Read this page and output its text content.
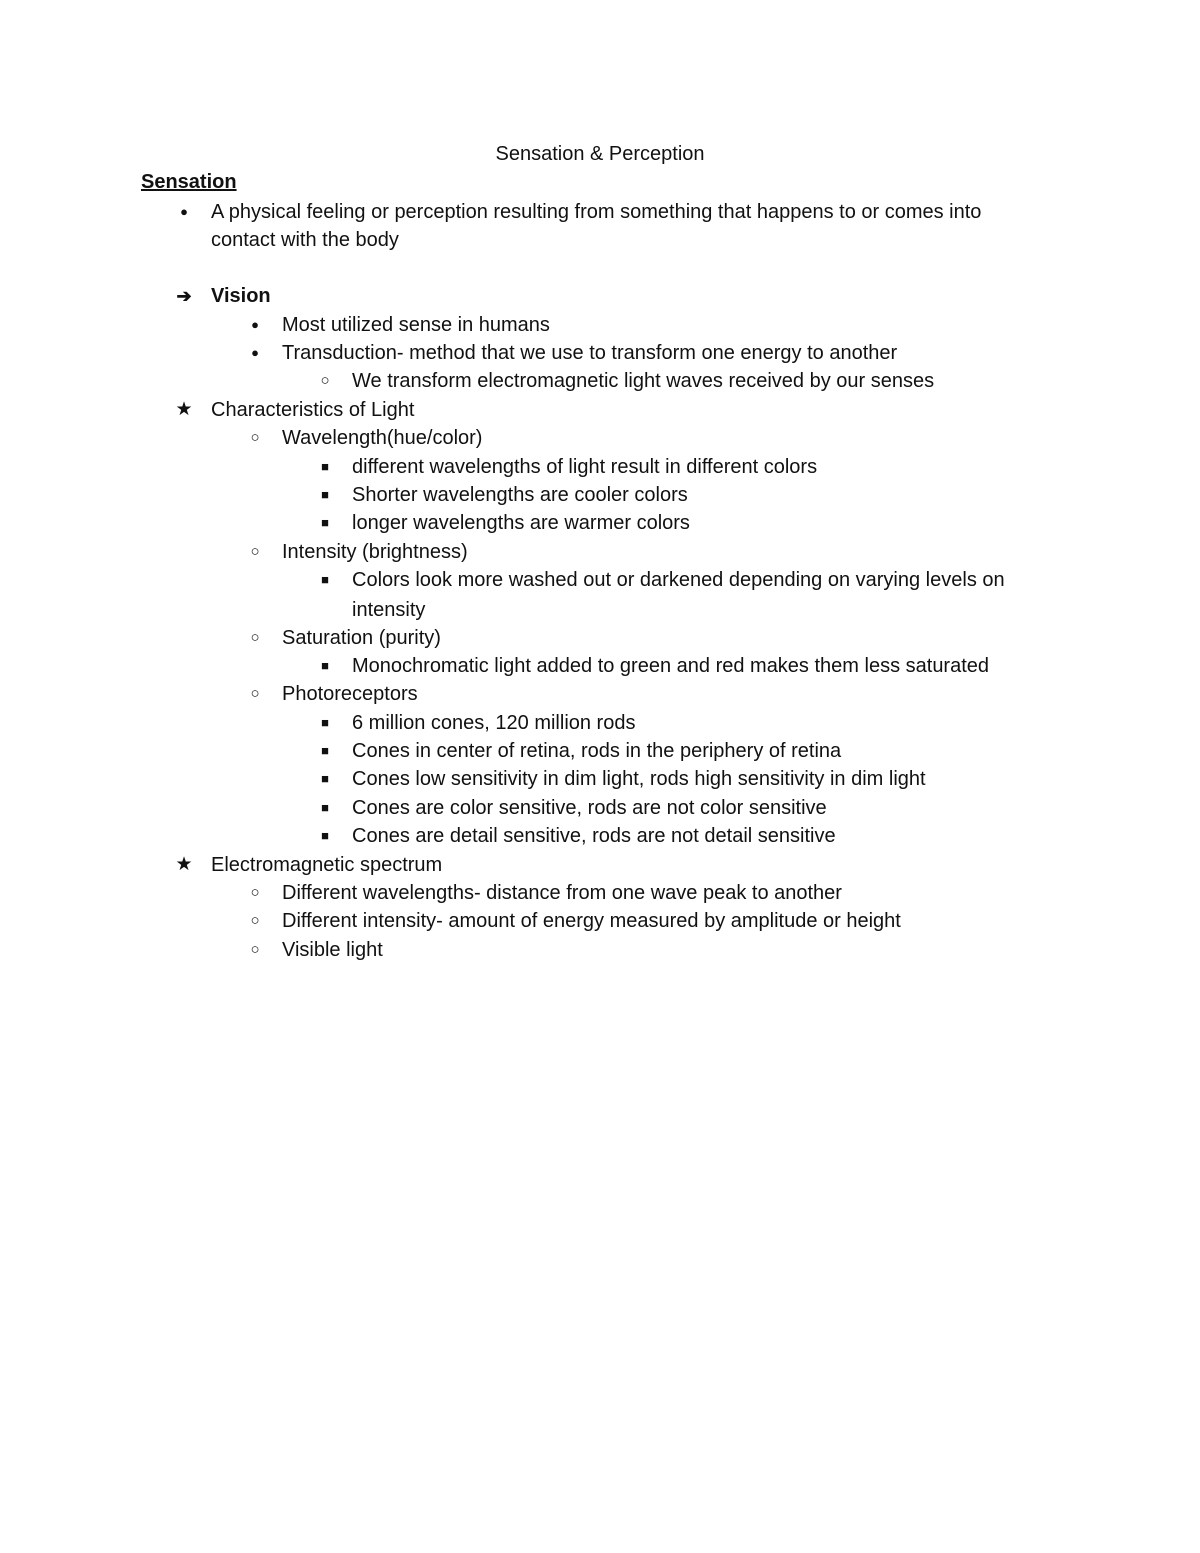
Sensation & Perception
Sensation
●	A physical feeling or perception resulting from something that happens to or comes into
contact with the body
➔ Vision
●	Most utilized sense in humans
●	Transduction- method that we use to transform one energy to another
○	We transform electromagnetic light waves received by our senses
★ Characteristics of Light
○	Wavelength(hue/color)
■	different wavelengths of light result in different colors
■	Shorter wavelengths are cooler colors
■	longer wavelengths are warmer colors
○	Intensity (brightness)
■	Colors look more washed out or darkened depending on varying levels on
intensity
○	Saturation (purity)
■	Monochromatic light added to green and red makes them less saturated
○	Photoreceptors
■	6 million cones, 120 million rods
■	Cones in center of retina, rods in the periphery of retina
■	Cones low sensitivity in dim light, rods high sensitivity in dim light
■	Cones are color sensitive, rods are not color sensitive
■	Cones are detail sensitive, rods are not detail sensitive
★ Electromagnetic spectrum
○	Different wavelengths- distance from one wave peak to another
○	Different intensity- amount of energy measured by amplitude or height
○	Visible light
